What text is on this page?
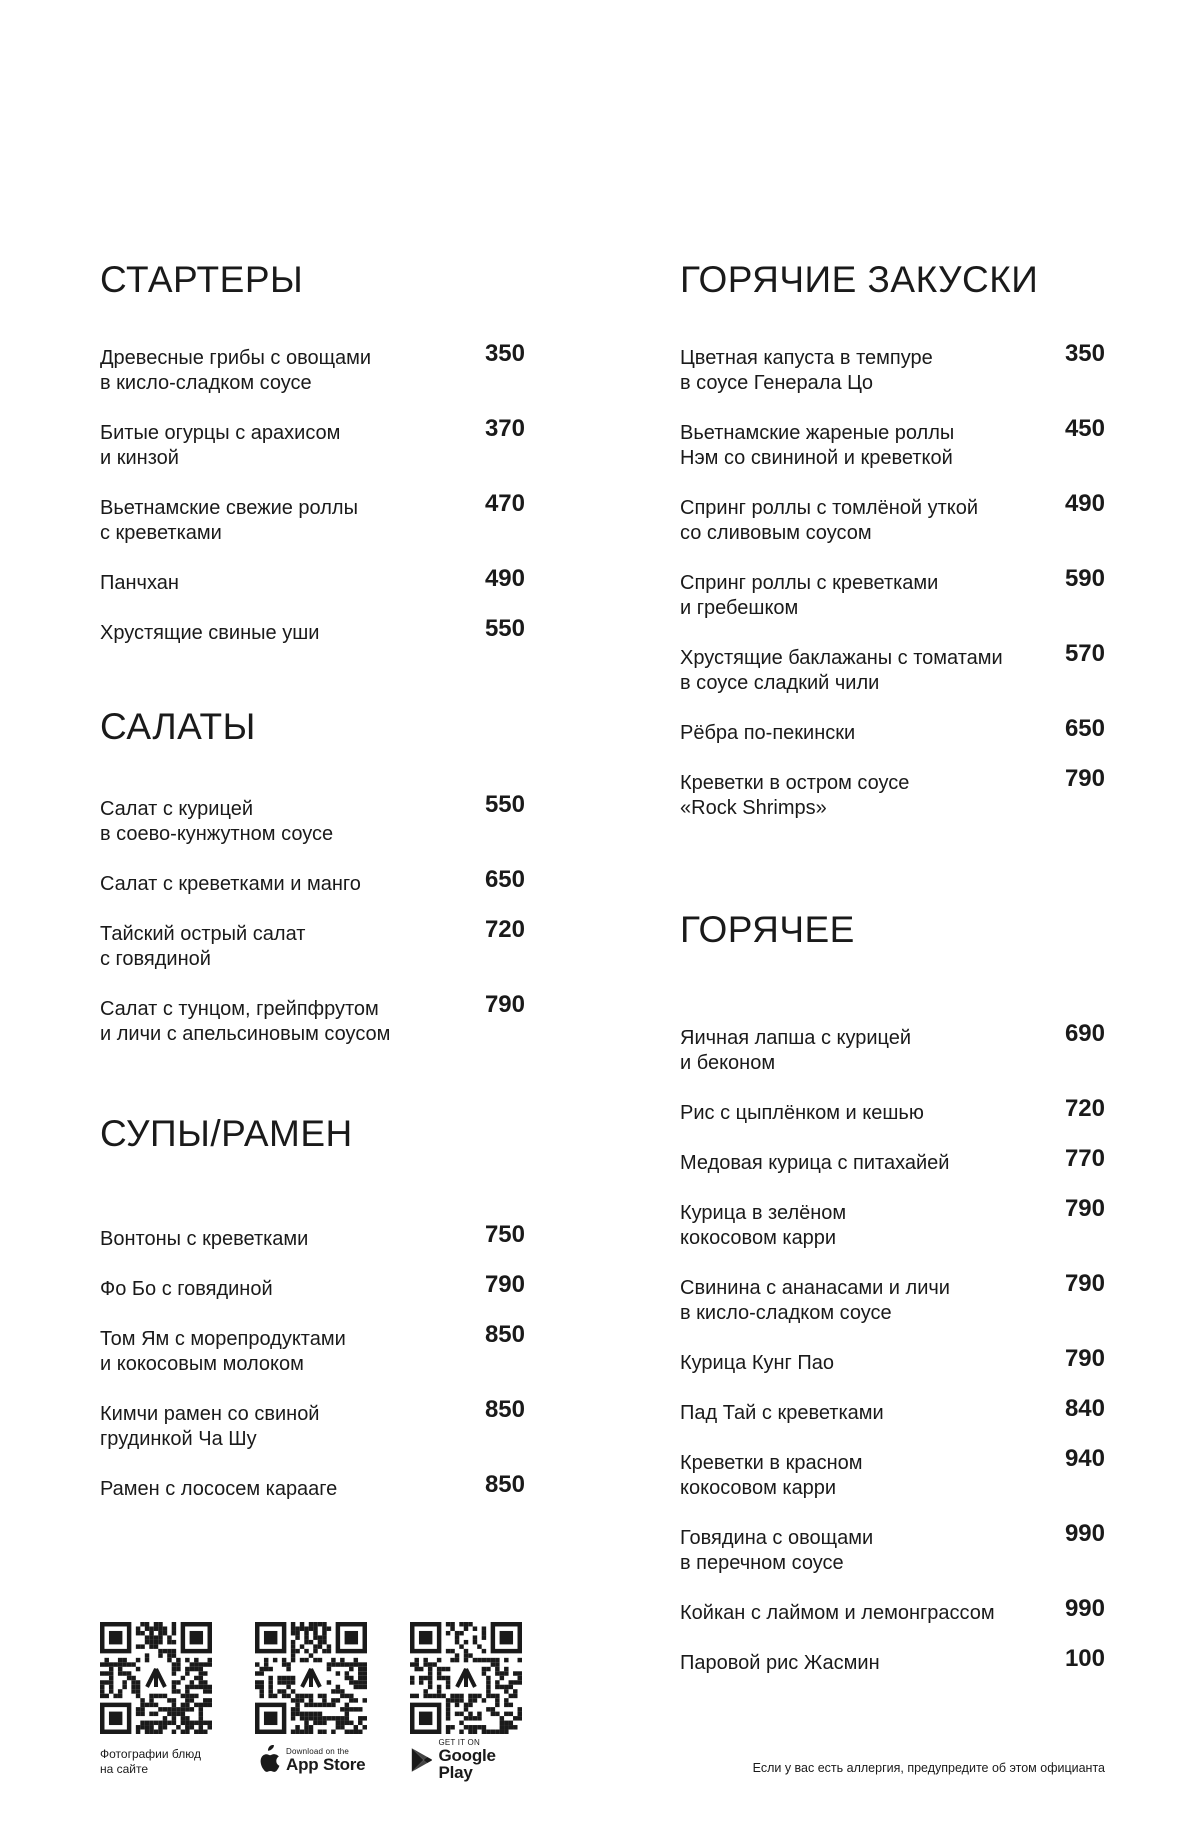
СТАРТЕРЫ
Древесные грибы с овощами
в кисло-сладком соусе
350
Битые огурцы с арахисом
и кинзой
370
Вьетнамские свежие роллы
с креветками
470
Панчхан	490
Хрустящие свиные уши	550
САЛАТЫ
Салат с курицей
в соево-кунжутном соусе
550
Салат с креветками и манго	650
Тайский острый салат
с говядиной
720
Салат с тунцом, грейпфрутом
и личи с апельсиновым соусом
790
СУПЫ/РАМЕН
Вонтоны с креветками	750
Фо Бо с говядиной	790
Том Ям с морепродуктами
и кокосовым молоком
850
Кимчи рамен со свиной
грудинкой Ча Шу
850
Рамен с лососем карааге	850
ГОРЯЧИЕ ЗАКУСКИ
Цветная капуста в темпуре
в соусе Генерала Цо
350
Вьетнамские жареные роллы
Нэм со свининой и креветкой
450
Спринг роллы с томлёной уткой
со сливовым соусом
490
Спринг роллы с креветками
и гребешком
590
Хрустящие баклажаны с томатами
в соусе сладкий чили
570
Рёбра по-пекински	650
Креветки в остром соусе
«Rock Shrimps»
790
ГОРЯЧЕЕ
Яичная лапша с курицей
и беконом
690
Рис с цыплёнком и кешью	720
Медовая курица с питахайей	770
Курица в зелёном
кокосовом карри
790
Свинина с ананасами и личи
в кисло-сладком соусе
790
Курица Кунг Пао	790
Пад Тай с креветками	840
Креветки в красном
кокосовом карри
940
Говядина с овощами
в перечном соусе
990
Койкан с лаймом и лемонграссом	990
Паровой рис Жасмин	100
Фотографии блюд
на сайте
Download on the
App Store
GET IT ON
Google Play	Если у вас есть аллергия, предупредите об этом официанта
